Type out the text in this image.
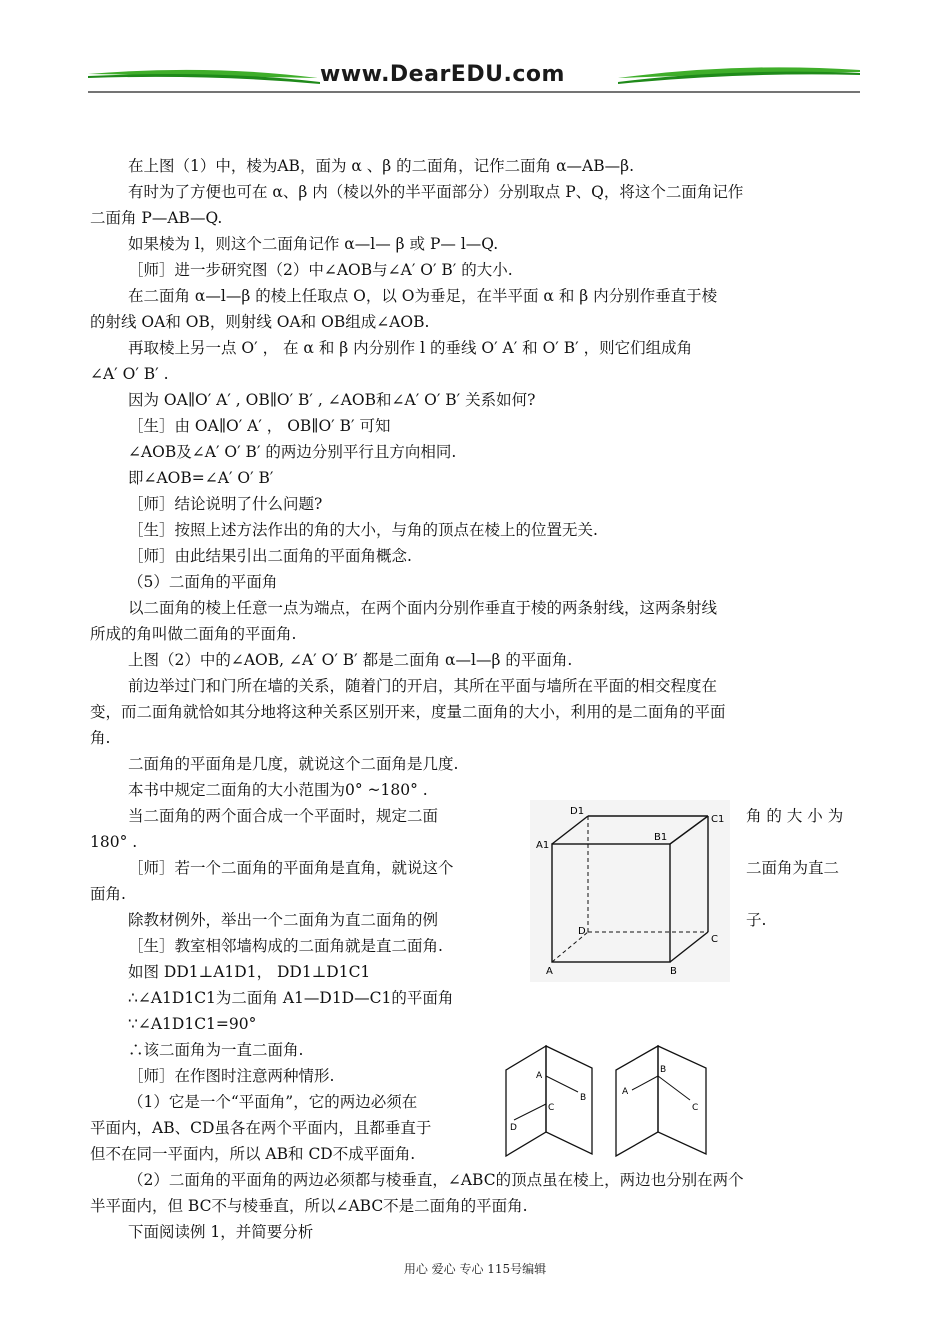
www.DearEDU.com
在上图（1）中，棱为AB，面为 α 、β 的二面角，记作二面角 α—AB—β.
有时为了方便也可在 α、β 内（棱以外的半平面部分）分别取点 P、Q，将这个二面角记作
二面角 P—AB—Q.
如果棱为 l，则这个二面角记作 α—l— β 或 P— l—Q.
［师］进一步研究图（2）中∠AOB与∠A′ O′ B′ 的大小.
在二面角 α—l—β 的棱上任取点 O，以 O为垂足，在半平面 α 和 β 内分别作垂直于棱
的射线 OA和 OB，则射线 OA和 OB组成∠AOB.
再取棱上另一点 O′ ， 在 α 和 β 内分别作 l 的垂线 O′ A′ 和 O′ B′ ，则它们组成角
∠A′ O′ B′ .
因为 OA∥O′ A′ , OB∥O′ B′ , ∠AOB和∠A′ O′ B′ 关系如何?
［生］由 OA∥O′ A′ ， OB∥O′ B′ 可知
∠AOB及∠A′ O′ B′ 的两边分别平行且方向相同.
即∠AOB=∠A′ O′ B′
［师］结论说明了什么问题?
［生］按照上述方法作出的角的大小，与角的顶点在棱上的位置无关.
［师］由此结果引出二面角的平面角概念.
（5）二面角的平面角
以二面角的棱上任意一点为端点，在两个面内分别作垂直于棱的两条射线，这两条射线
所成的角叫做二面角的平面角.
上图（2）中的∠AOB, ∠A′ O′ B′ 都是二面角 α—l—β 的平面角.
前边举过门和门所在墙的关系，随着门的开启，其所在平面与墙所在平面的相交程度在
变，而二面角就恰如其分地将这种关系区别开来，度量二面角的大小，利用的是二面角的平面
角.
二面角的平面角是几度，就说这个二面角是几度.
本书中规定二面角的大小范围为0° ~180° .
当二面角的两个面合成一个平面时，规定二面	角 的 大 小 为
180° .
［师］若一个二面角的平面角是直角，就说这个	二面角为直二
面角.
除教材例外，举出一个二面角为直二面角的例	子.
［生］教室相邻墙构成的二面角就是直二面角.
如图 DD1⊥A1D1， DD1⊥D1C1
∴∠A1D1C1为二面角 A1—D1D—C1的平面角
∵∠A1D1C1=90°
∴该二面角为一直二面角.
［师］在作图时注意两种情形.
（1）它是一个“平面角”，它的两边必须在
平面内，AB、CD虽各在两个平面内，且都垂直于
但不在同一平面内，所以 AB和 CD不成平面角.
（2）二面角的平面角的两边必须都与棱垂直，∠ABC的顶点虽在棱上，两边也分别在两个
半平面内，但 BC不与棱垂直，所以∠ABC不是二面角的平面角.
下面阅读例 1，并简要分析
D1
C1
A1
B1
D
C
A	B
A
B
C
D
A
B
C
用心 爱心 专心 115号编辑
